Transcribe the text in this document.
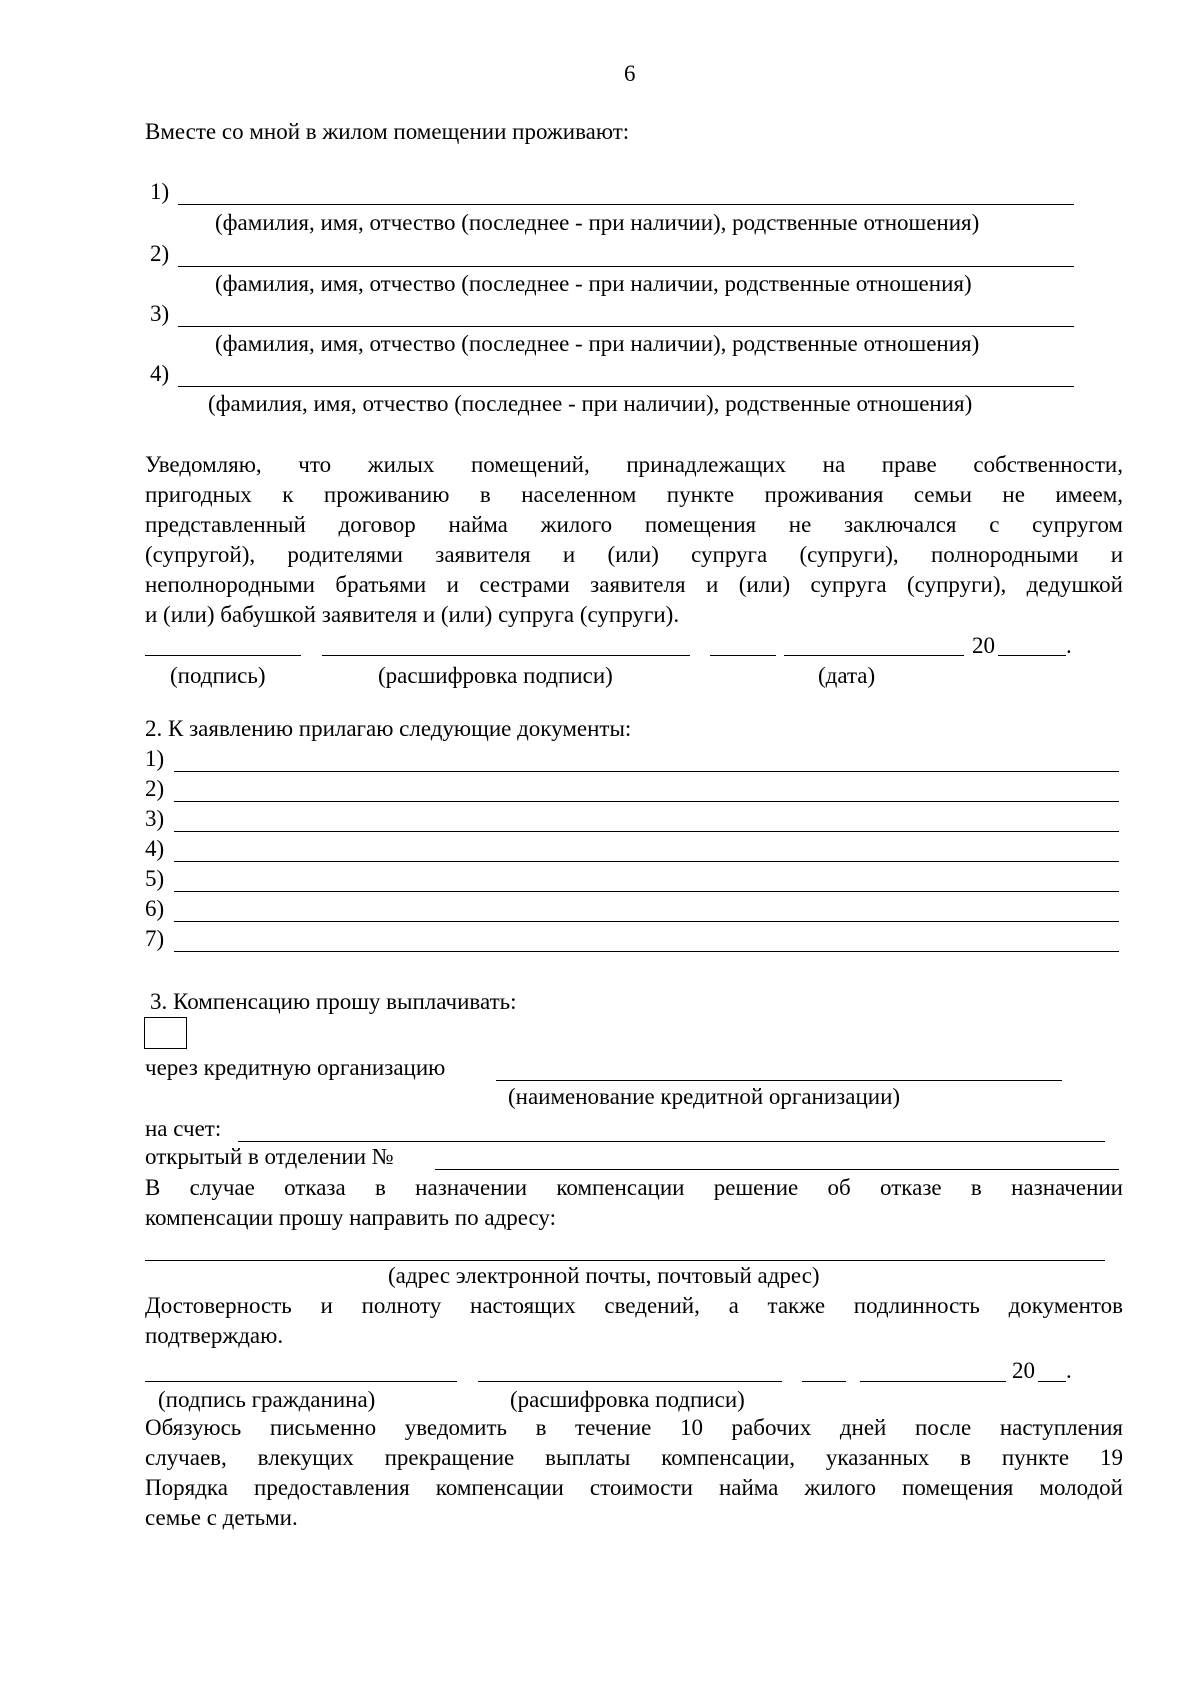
6
Вместе со мной в жилом помещении проживают:
1)
(фамилия, имя, отчество (последнее - при наличии), родственные отношения)
2)
(фамилия, имя, отчество (последнее - при наличии, родственные отношения)
3)
(фамилия, имя, отчество (последнее - при наличии), родственные отношения)
4)
(фамилия, имя, отчество (последнее - при наличии), родственные отношения)
Уведомляю, что жилых помещений, принадлежащих на праве собственности,
пригодных к проживанию в населенном пункте проживания семьи не имеем,
представленный договор найма жилого помещения не заключался с супругом
(супругой), родителями заявителя и (или) супруга (супруги), полнородными и
неполнородными братьями и сестрами заявителя и (или) супруга (супруги), дедушкой
и (или) бабушкой заявителя и (или) супруга (супруги).
20	.
(подпись)	(расшифровка подписи)	(дата)
2. К заявлению прилагаю следующие документы:
1)
2)
3)
4)
5)
6)
7)
3. Компенсацию прошу выплачивать:
через кредитную организацию
(наименование кредитной организации)
на счет:
открытый в отделении №
В случае отказа в назначении компенсации решение об отказе в назначении
компенсации прошу направить по адресу:
(адрес электронной почты, почтовый адрес)
Достоверность и полноту настоящих сведений, а также подлинность документов
подтверждаю.
20 .
(подпись гражданина)	(расшифровка подписи)
Обязуюсь письменно уведомить в течение 10 рабочих дней после наступления
случаев, влекущих прекращение выплаты компенсации, указанных в пункте 19
Порядка предоставления компенсации стоимости найма жилого помещения молодой
семье с детьми.
